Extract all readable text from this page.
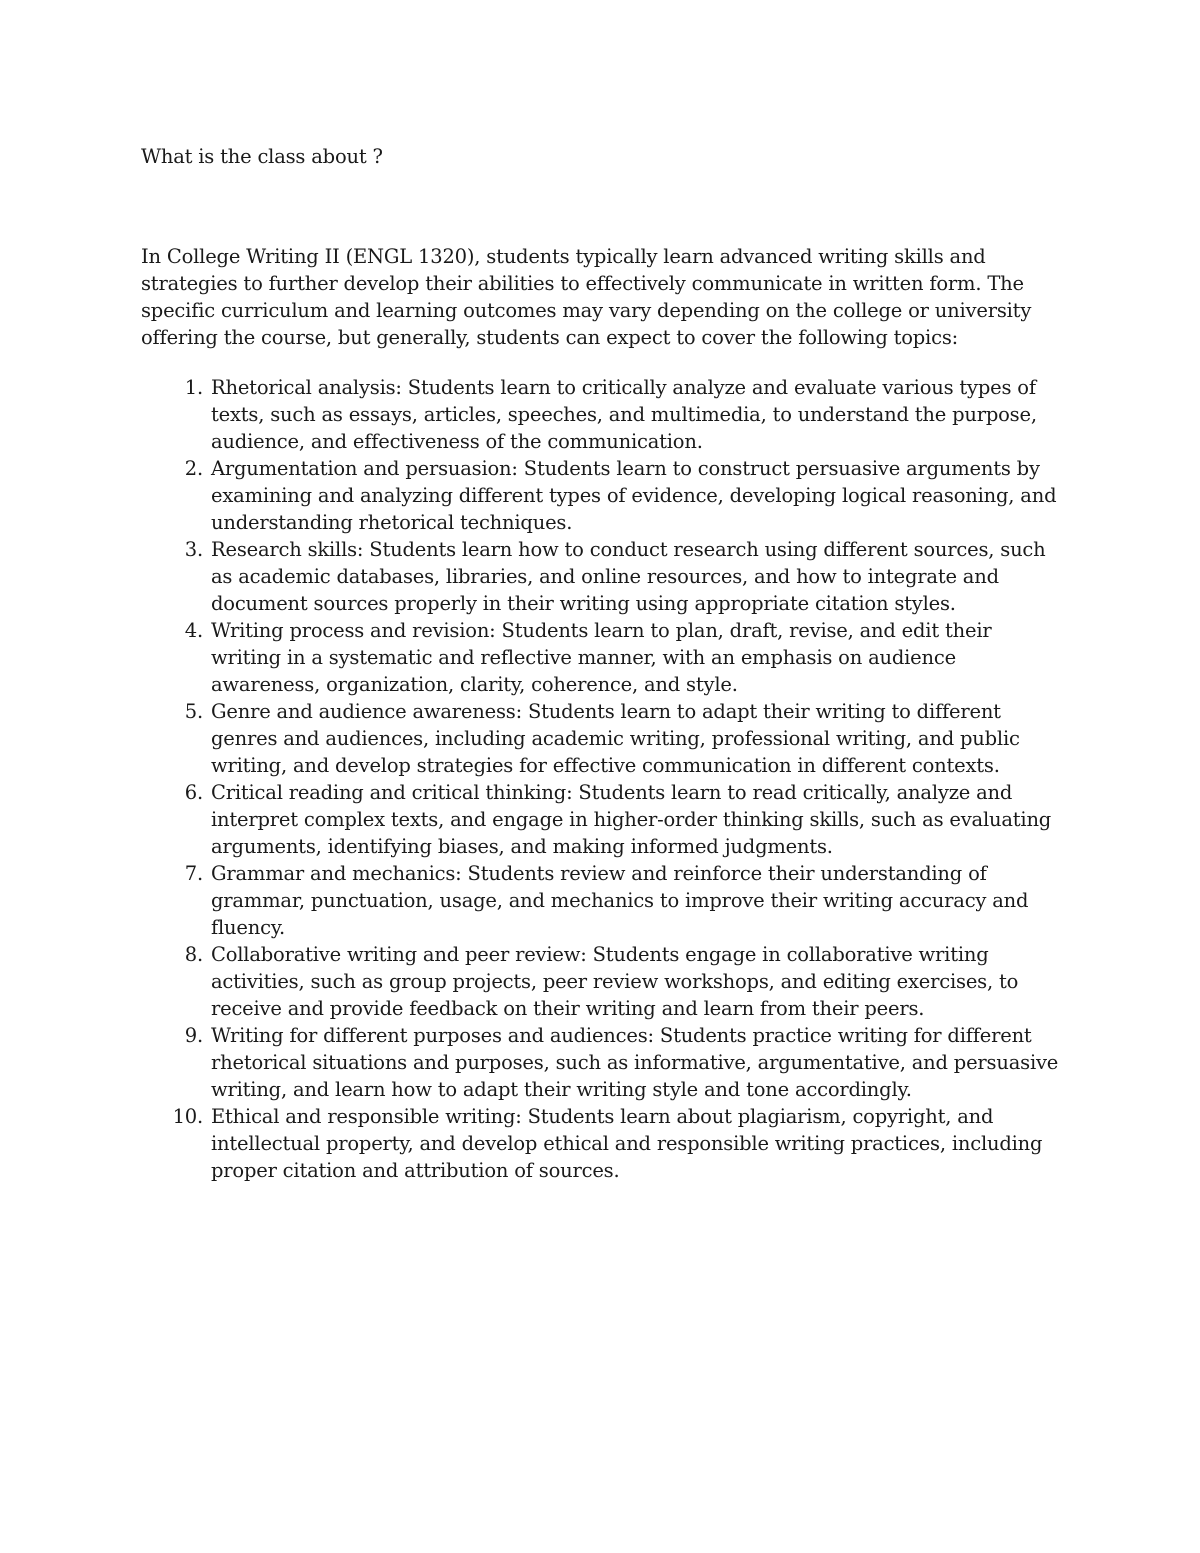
What is the class about ?

In College Writing II (ENGL 1320), students typically learn advanced writing skills and strategies to further develop their abilities to effectively communicate in written form. The specific curriculum and learning outcomes may vary depending on the college or university offering the course, but generally, students can expect to cover the following topics:

1. Rhetorical analysis: Students learn to critically analyze and evaluate various types of texts, such as essays, articles, speeches, and multimedia, to understand the purpose, audience, and effectiveness of the communication.
2. Argumentation and persuasion: Students learn to construct persuasive arguments by examining and analyzing different types of evidence, developing logical reasoning, and understanding rhetorical techniques.
3. Research skills: Students learn how to conduct research using different sources, such as academic databases, libraries, and online resources, and how to integrate and document sources properly in their writing using appropriate citation styles.
4. Writing process and revision: Students learn to plan, draft, revise, and edit their writing in a systematic and reflective manner, with an emphasis on audience awareness, organization, clarity, coherence, and style.
5. Genre and audience awareness: Students learn to adapt their writing to different genres and audiences, including academic writing, professional writing, and public writing, and develop strategies for effective communication in different contexts.
6. Critical reading and critical thinking: Students learn to read critically, analyze and interpret complex texts, and engage in higher-order thinking skills, such as evaluating arguments, identifying biases, and making informed judgments.
7. Grammar and mechanics: Students review and reinforce their understanding of grammar, punctuation, usage, and mechanics to improve their writing accuracy and fluency.
8. Collaborative writing and peer review: Students engage in collaborative writing activities, such as group projects, peer review workshops, and editing exercises, to receive and provide feedback on their writing and learn from their peers.
9. Writing for different purposes and audiences: Students practice writing for different rhetorical situations and purposes, such as informative, argumentative, and persuasive writing, and learn how to adapt their writing style and tone accordingly.
10. Ethical and responsible writing: Students learn about plagiarism, copyright, and intellectual property, and develop ethical and responsible writing practices, including proper citation and attribution of sources.
